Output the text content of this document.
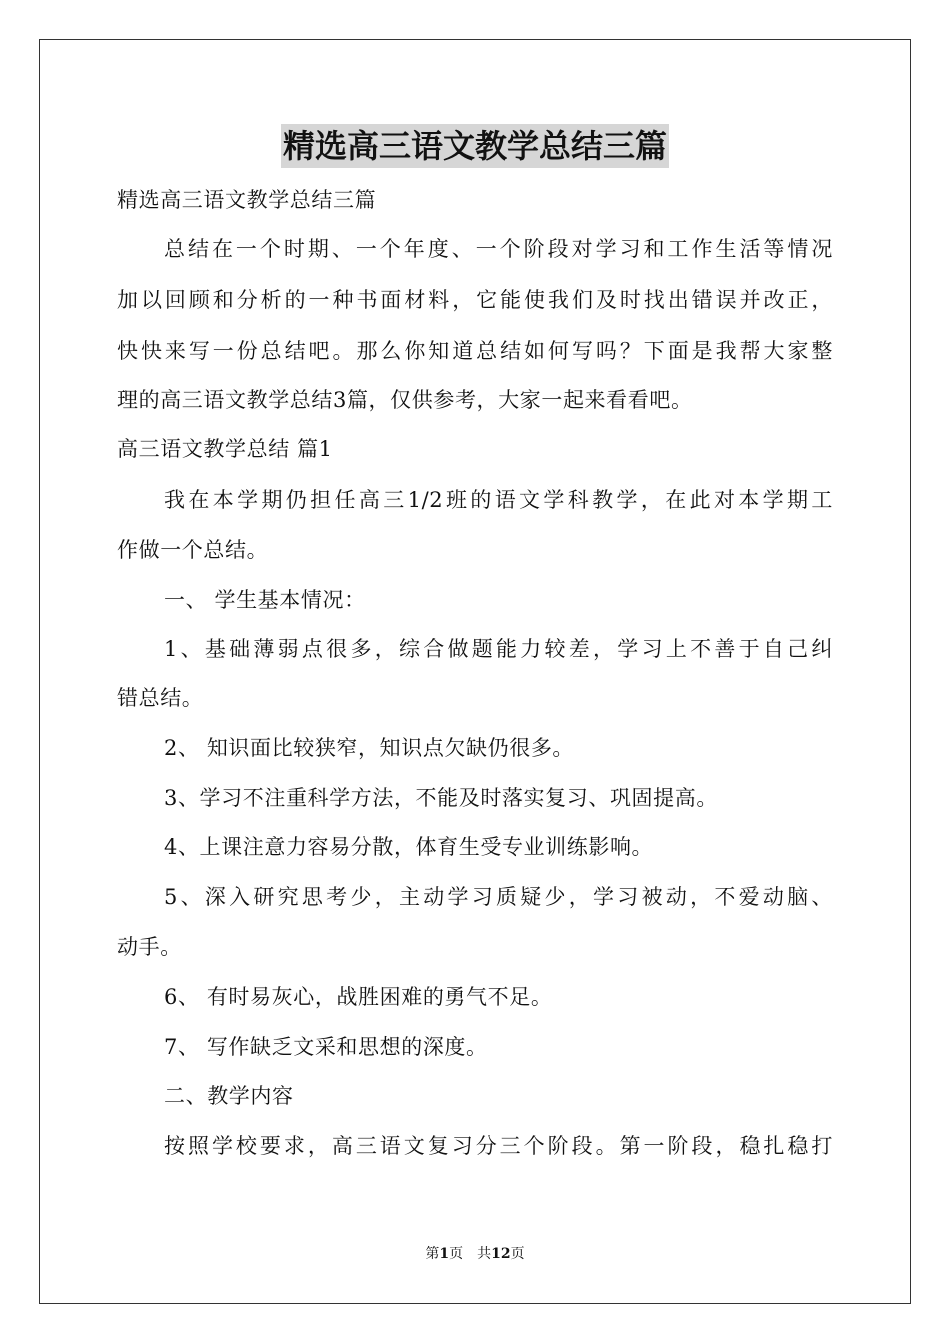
精选高三语文教学总结三篇
精选高三语文教学总结三篇
总结在一个时期、一个年度、一个阶段对学习和工作生活等情况
加以回顾和分析的一种书面材料，它能使我们及时找出错误并改正，
快快来写一份总结吧。那么你知道总结如何写吗？下面是我帮大家整
理的高三语文教学总结3篇，仅供参考，大家一起来看看吧。
高三语文教学总结 篇1
我在本学期仍担任高三1/2班的语文学科教学，在此对本学期工
作做一个总结。
一、 学生基本情况：
1、基础薄弱点很多，综合做题能力较差，学习上不善于自己纠
错总结。
2、 知识面比较狭窄，知识点欠缺仍很多。
3、学习不注重科学方法，不能及时落实复习、巩固提高。
4、上课注意力容易分散，体育生受专业训练影响。
5、深入研究思考少，主动学习质疑少，学习被动，不爱动脑、
动手。
6、 有时易灰心，战胜困难的勇气不足。
7、 写作缺乏文采和思想的深度。
二、教学内容
按照学校要求，高三语文复习分三个阶段。第一阶段，稳扎稳打
第1页　共12页
